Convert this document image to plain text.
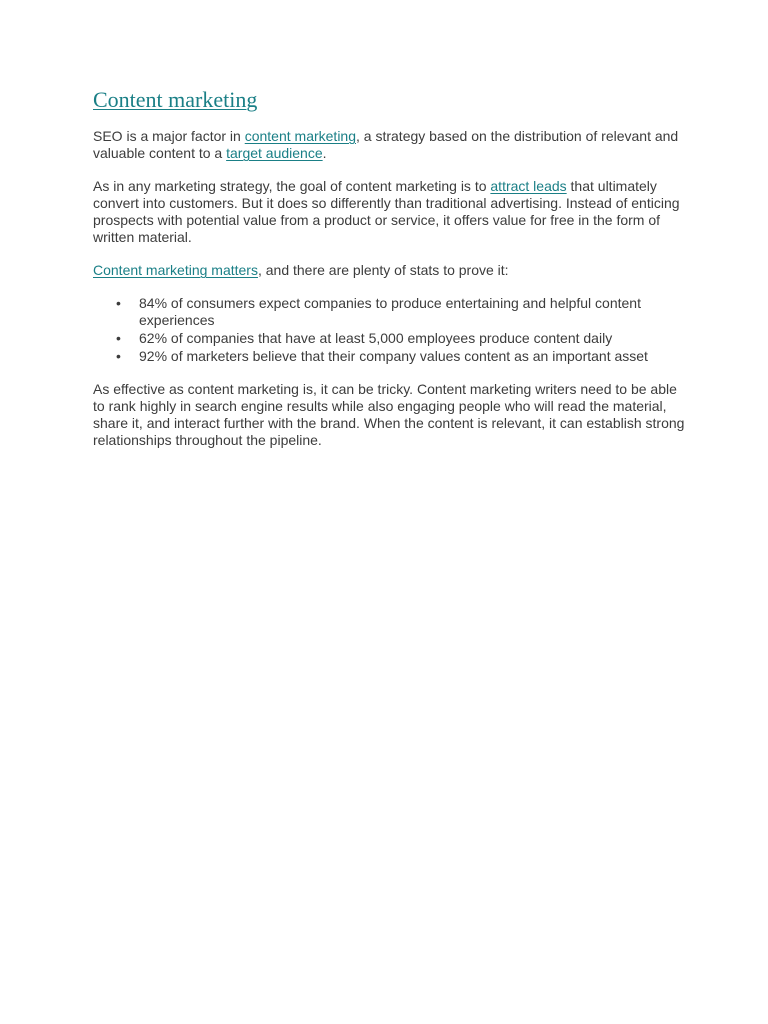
Content marketing

SEO is a major factor in content marketing, a strategy based on the distribution of relevant and valuable content to a target audience.

As in any marketing strategy, the goal of content marketing is to attract leads that ultimately convert into customers. But it does so differently than traditional advertising. Instead of enticing prospects with potential value from a product or service, it offers value for free in the form of written material.

Content marketing matters, and there are plenty of stats to prove it:

• 84% of consumers expect companies to produce entertaining and helpful content experiences
• 62% of companies that have at least 5,000 employees produce content daily
• 92% of marketers believe that their company values content as an important asset

As effective as content marketing is, it can be tricky. Content marketing writers need to be able to rank highly in search engine results while also engaging people who will read the material, share it, and interact further with the brand. When the content is relevant, it can establish strong relationships throughout the pipeline.
